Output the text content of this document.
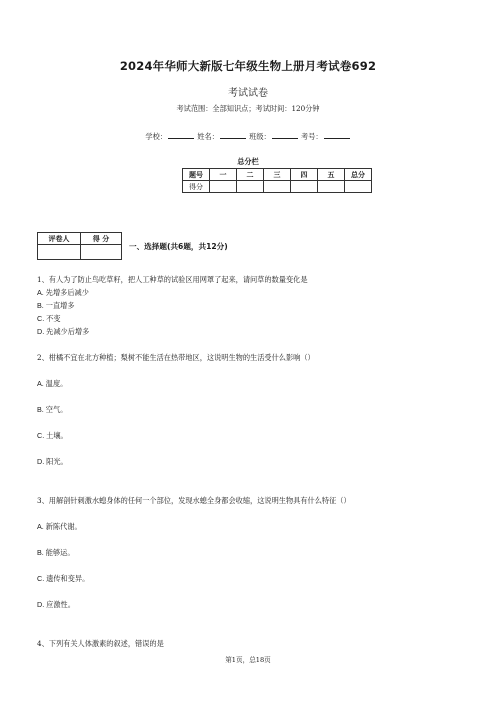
2024年华师大新版七年级生物上册月考试卷692
考试试卷
考试范围：全部知识点；考试时间：120分钟
学校：	姓名：	班级：	考号：
总分栏
题号	一	二	三	四	五	总分
得分						
评卷人	得 分

一、选择题(共6题，共12分)
1、有人为了防止鸟吃草籽，把人工种草的试验区用网罩了起来，请问草的数量变化是
A. 先增多后减少
B. 一直增多
C. 不变
D. 先减少后增多
2、柑橘不宜在北方种植；梨树不能生活在热带地区，这说明生物的生活受什么影响（）
A. 温度。
B. 空气。
C. 土壤。
D. 阳光。
3、用解剖针刺激水螅身体的任何一个部位，发现水螅全身都会收缩，这说明生物具有什么特征（）
A. 新陈代谢。
B. 能够运。
C. 遗传和变异。
D. 应激性。
4、下列有关人体激素的叙述，错误的是
第1页，总18页
